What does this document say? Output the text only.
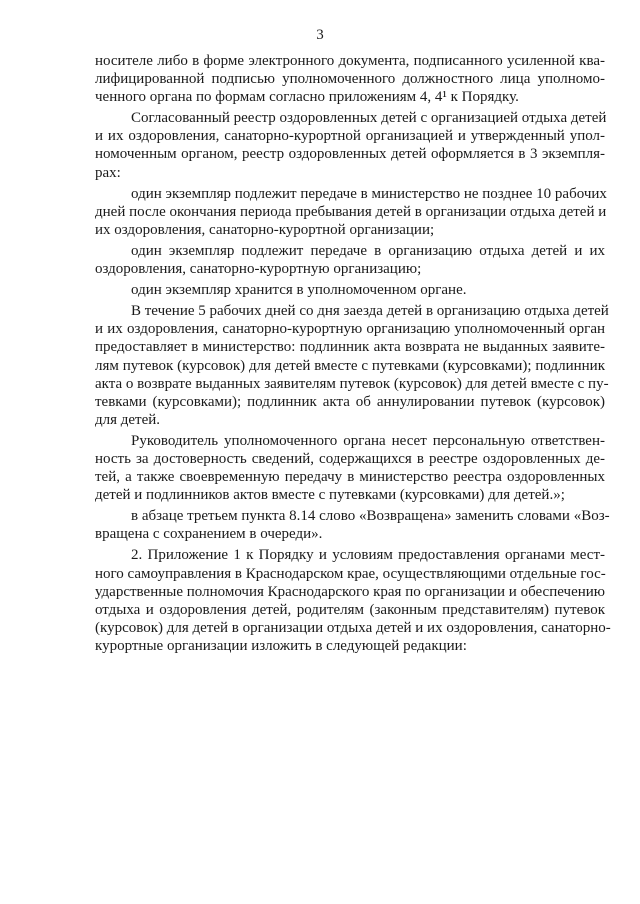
3
носителе либо в форме электронного документа, подписанного усиленной ква-
лифицированной подписью уполномоченного должностного лица уполномо-
ченного органа по формам согласно приложениям 4, 4¹ к Порядку.
Согласованный реестр оздоровленных детей с организацией отдыха детей
и их оздоровления, санаторно-курортной организацией и утвержденный упол-
номоченным органом, реестр оздоровленных детей оформляется в 3 экземпля-
рах:
один экземпляр подлежит передаче в министерство не позднее 10 рабочих
дней после окончания периода пребывания детей в организации отдыха детей и
их оздоровления, санаторно-курортной организации;
один экземпляр подлежит передаче в организацию отдыха детей и их
оздоровления, санаторно-курортную организацию;
один экземпляр хранится в уполномоченном органе.
В течение 5 рабочих дней со дня заезда детей в организацию отдыха детей
и их оздоровления, санаторно-курортную организацию уполномоченный орган
предоставляет в министерство: подлинник акта возврата не выданных заявите-
лям путевок (курсовок) для детей вместе с путевками (курсовками); подлинник
акта о возврате выданных заявителям путевок (курсовок) для детей вместе с пу-
тевками (курсовками); подлинник акта об аннулировании путевок (курсовок)
для детей.
Руководитель уполномоченного органа несет персональную ответствен-
ность за достоверность сведений, содержащихся в реестре оздоровленных де-
тей, а также своевременную передачу в министерство реестра оздоровленных
детей и подлинников актов вместе с путевками (курсовками) для детей.»;
в абзаце третьем пункта 8.14 слово «Возвращена» заменить словами «Воз-
вращена с сохранением в очереди».
2. Приложение 1 к Порядку и условиям предоставления органами мест-
ного самоуправления в Краснодарском крае, осуществляющими отдельные гос-
ударственные полномочия Краснодарского края по организации и обеспечению
отдыха и оздоровления детей, родителям (законным представителям) путевок
(курсовок) для детей в организации отдыха детей и их оздоровления, санаторно-
курортные организации изложить в следующей редакции:
